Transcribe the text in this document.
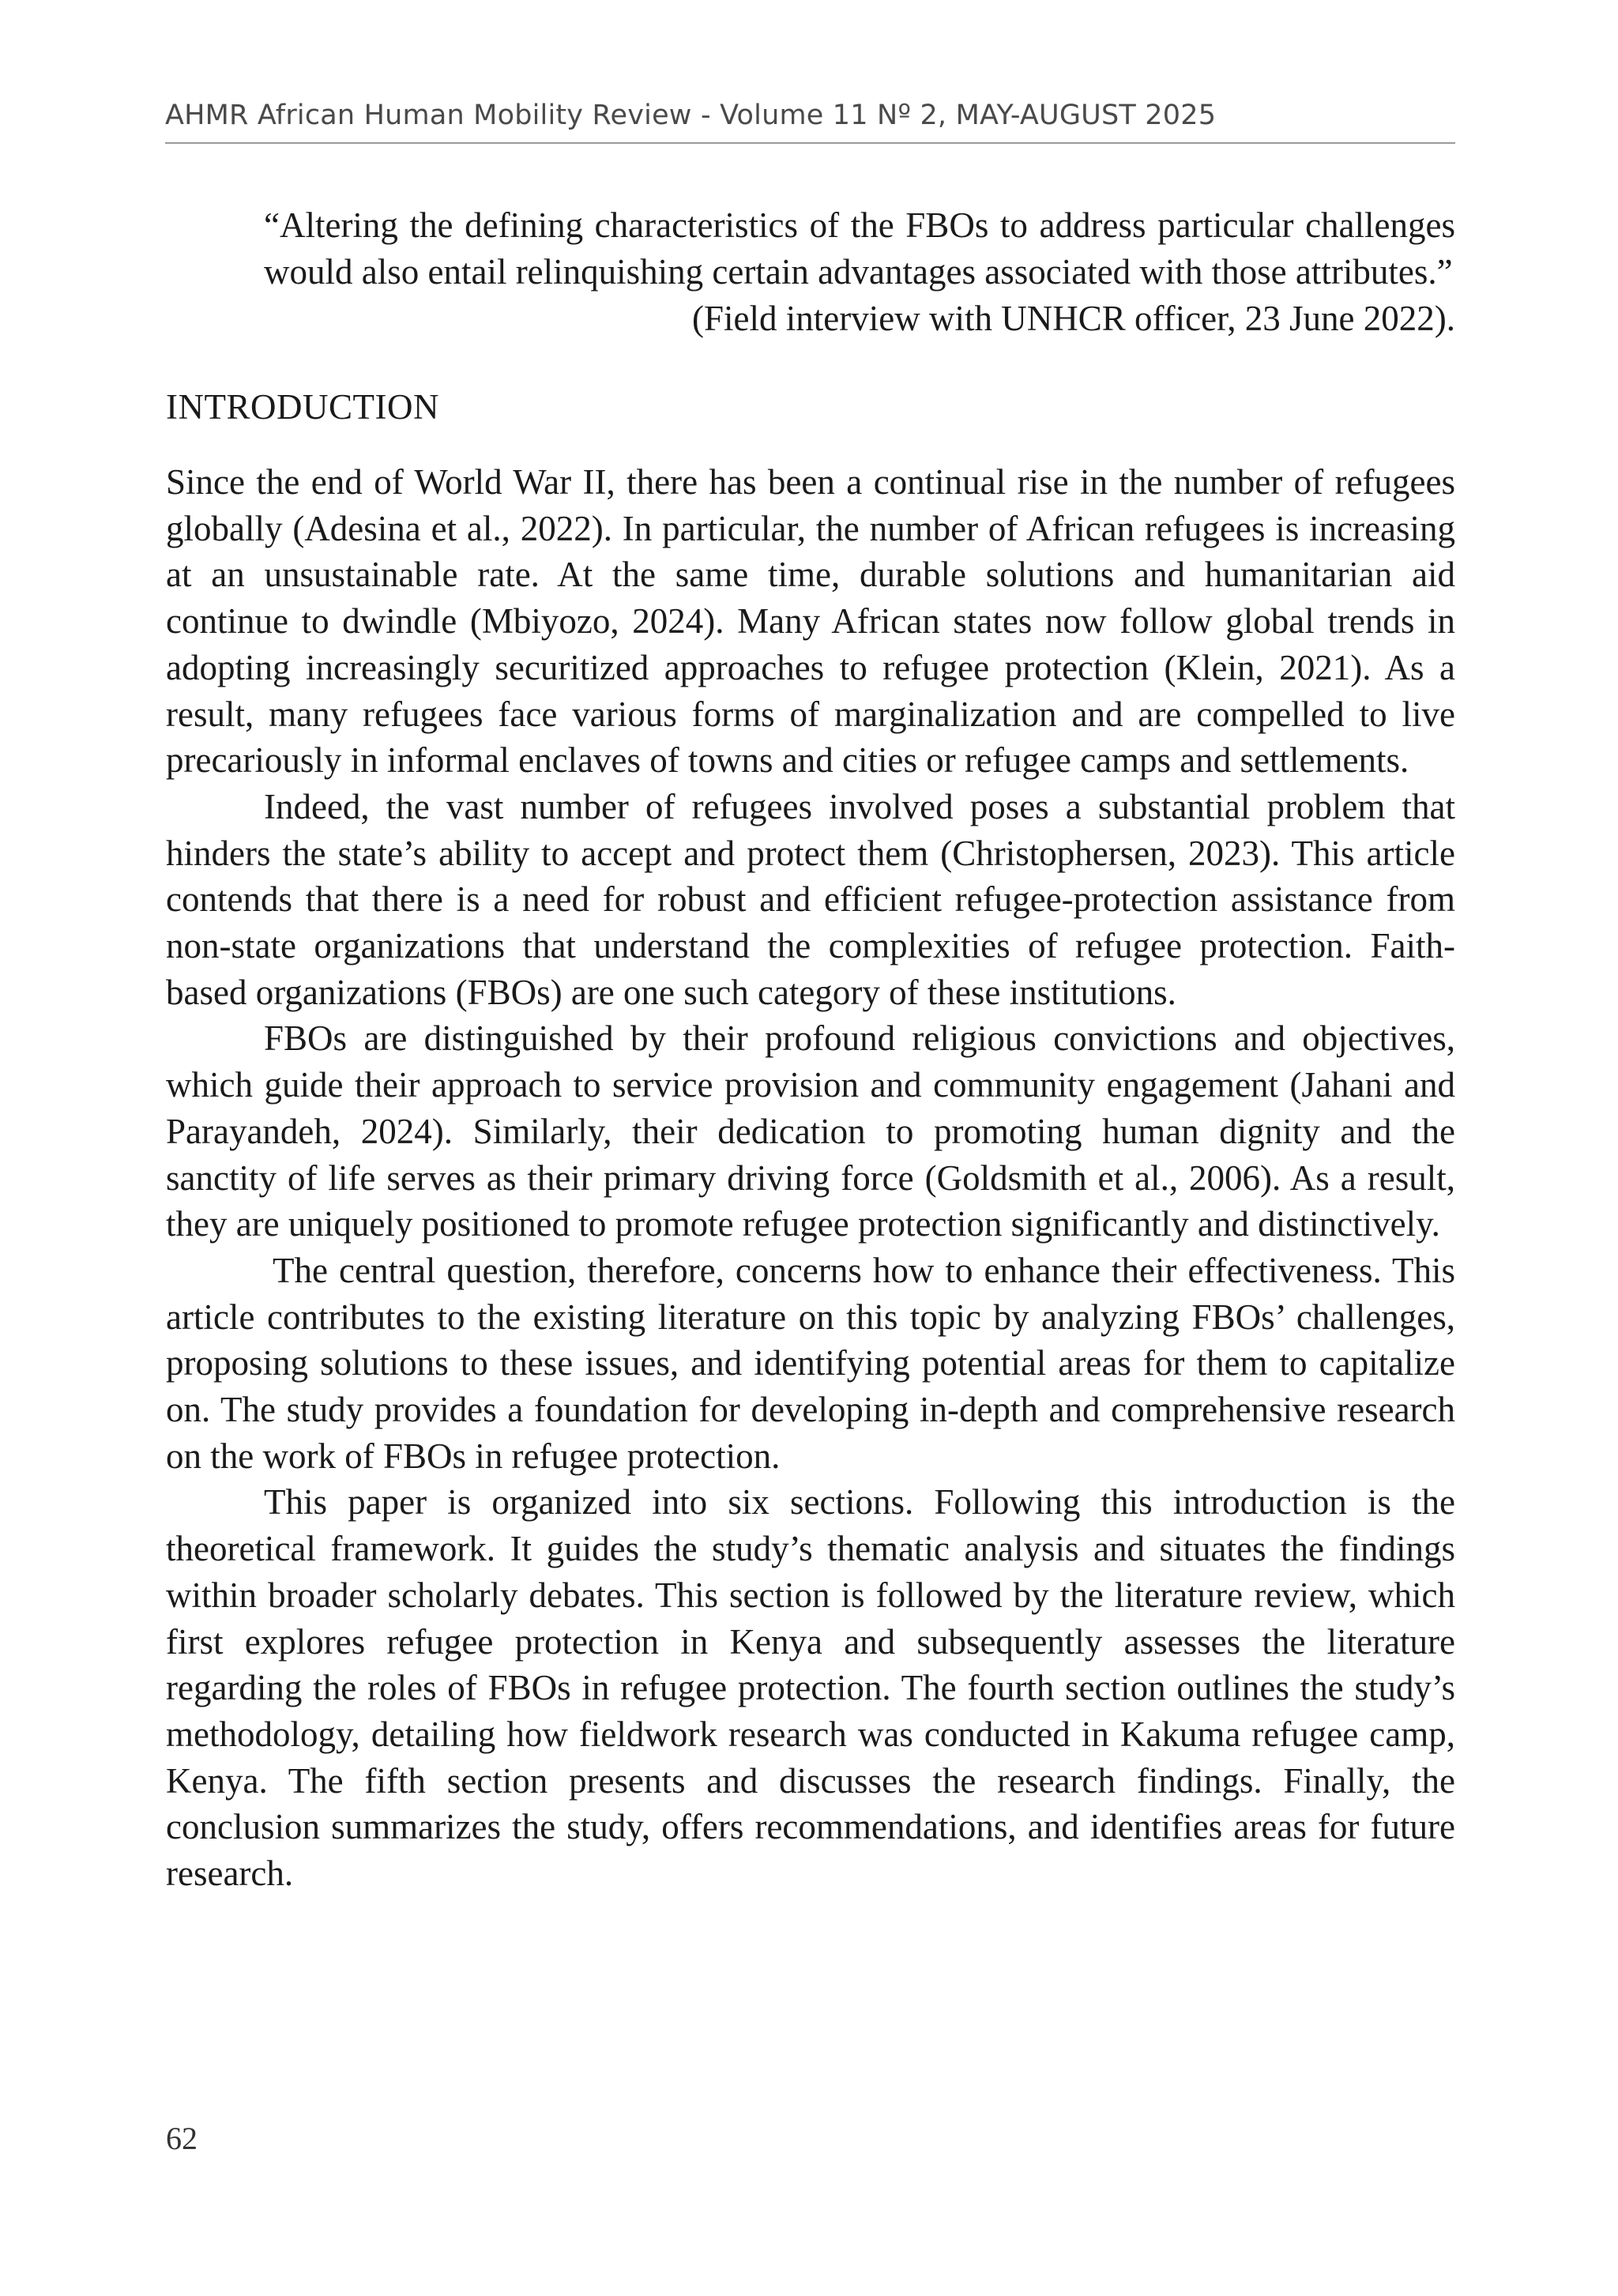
AHMR African Human Mobility Review - Volume 11 Nº 2, MAY-AUGUST 2025

“Altering the defining characteristics of the FBOs to address particular challenges would also entail relinquishing certain advantages associated with those attributes.”

(Field interview with UNHCR officer, 23 June 2022).

INTRODUCTION

Since the end of World War II, there has been a continual rise in the number of refugees globally (Adesina et al., 2022). In particular, the number of African refugees is increasing at an unsustainable rate. At the same time, durable solutions and humanitarian aid continue to dwindle (Mbiyozo, 2024). Many African states now follow global trends in adopting increasingly securitized approaches to refugee protection (Klein, 2021). As a result, many refugees face various forms of marginalization and are compelled to live precariously in informal enclaves of towns and cities or refugee camps and settlements.

Indeed, the vast number of refugees involved poses a substantial problem that hinders the state’s ability to accept and protect them (Christophersen, 2023). This article contends that there is a need for robust and efficient refugee-protection assistance from non-state organizations that understand the complexities of refugee protection. Faith-based organizations (FBOs) are one such category of these institutions.

FBOs are distinguished by their profound religious convictions and objectives, which guide their approach to service provision and community engagement (Jahani and Parayandeh, 2024). Similarly, their dedication to promoting human dignity and the sanctity of life serves as their primary driving force (Goldsmith et al., 2006). As a result, they are uniquely positioned to promote refugee protection significantly and distinctively.

The central question, therefore, concerns how to enhance their effectiveness. This article contributes to the existing literature on this topic by analyzing FBOs’ challenges, proposing solutions to these issues, and identifying potential areas for them to capitalize on. The study provides a foundation for developing in-depth and comprehensive research on the work of FBOs in refugee protection.

This paper is organized into six sections. Following this introduction is the theoretical framework. It guides the study’s thematic analysis and situates the findings within broader scholarly debates. This section is followed by the literature review, which first explores refugee protection in Kenya and subsequently assesses the literature regarding the roles of FBOs in refugee protection. The fourth section outlines the study’s methodology, detailing how fieldwork research was conducted in Kakuma refugee camp, Kenya. The fifth section presents and discusses the research findings. Finally, the conclusion summarizes the study, offers recommendations, and identifies areas for future research.

62
